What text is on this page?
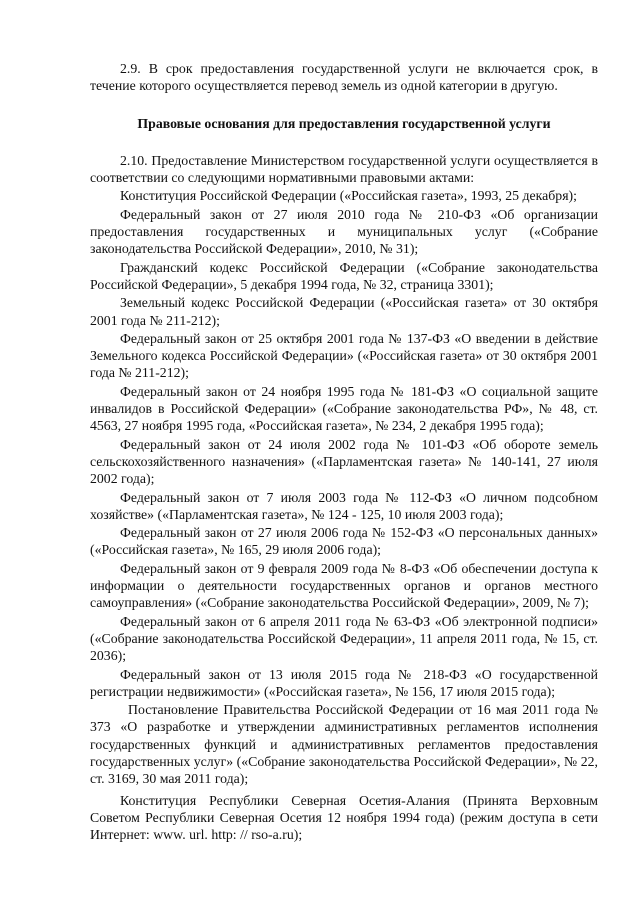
2.9. В срок предоставления государственной услуги не включается срок, в течение которого осуществляется перевод земель из одной категории в другую.

Правовые основания для предоставления государственной услуги

2.10. Предоставление Министерством государственной услуги осуществляется в соответствии со следующими нормативными правовыми актами:

Конституция Российской Федерации («Российская газета», 1993, 25 декабря);

Федеральный закон от 27 июля 2010 года № 210-ФЗ «Об организации предоставления государственных и муниципальных услуг («Собрание законодательства Российской Федерации», 2010, № 31);

Гражданский кодекс Российской Федерации («Собрание законодательства Российской Федерации», 5 декабря 1994 года, № 32, страница 3301);

Земельный кодекс Российской Федерации («Российская газета» от 30 октября 2001 года № 211-212);

Федеральный закон от 25 октября 2001 года № 137-ФЗ «О введении в действие Земельного кодекса Российской Федерации» («Российская газета» от 30 октября 2001 года № 211-212);

Федеральный закон от 24 ноября 1995 года № 181-ФЗ «О социальной защите инвалидов в Российской Федерации» («Собрание законодательства РФ», № 48, ст. 4563, 27 ноября 1995 года, «Российская газета», № 234, 2 декабря 1995 года);

Федеральный закон от 24 июля 2002 года № 101-ФЗ «Об обороте земель сельскохозяйственного назначения» («Парламентская газета» № 140-141, 27 июля 2002 года);

Федеральный закон от 7 июля 2003 года № 112-ФЗ «О личном подсобном хозяйстве» («Парламентская газета», № 124 - 125, 10 июля 2003 года);

Федеральный закон от 27 июля 2006 года № 152-ФЗ «О персональных данных» («Российская газета», № 165, 29 июля 2006 года);

Федеральный закон от 9 февраля 2009 года № 8-ФЗ «Об обеспечении доступа к информации о деятельности государственных органов и органов местного самоуправления» («Собрание законодательства Российской Федерации», 2009, № 7);

Федеральный закон от 6 апреля 2011 года № 63-ФЗ «Об электронной подписи» («Собрание законодательства Российской Федерации», 11 апреля 2011 года, № 15, ст. 2036);

Федеральный закон от 13 июля 2015 года № 218-ФЗ «О государственной регистрации недвижимости» («Российская газета», № 156, 17 июля 2015 года);

Постановление Правительства Российской Федерации от 16 мая 2011 года № 373 «О разработке и утверждении административных регламентов исполнения государственных функций и административных регламентов предоставления государственных услуг» («Собрание законодательства Российской Федерации», № 22, ст. 3169, 30 мая 2011 года);

Конституция Республики Северная Осетия-Алания (Принята Верховным Советом Республики Северная Осетия 12 ноября 1994 года) (режим доступа в сети Интернет: www. url. http: // rso-a.ru);
